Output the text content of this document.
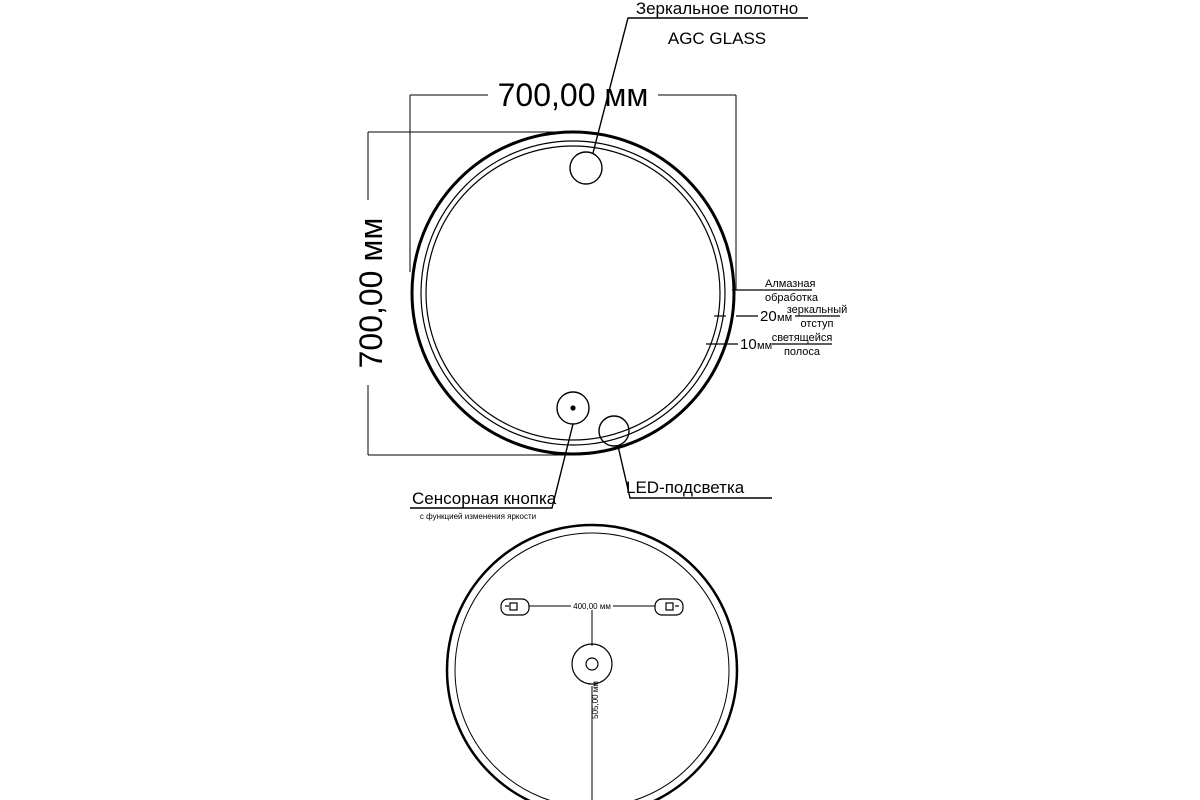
700,00 мм
700,00 мм
Зеркальное полотно
AGC GLASS
LED-подсветка
Сенсорная кнопка
с функцией изменения яркости
Алмазная
обработка
20 мм
зеркальный
отступ
10 мм
светящейся
полоса
400,00 мм
505,00 мм
